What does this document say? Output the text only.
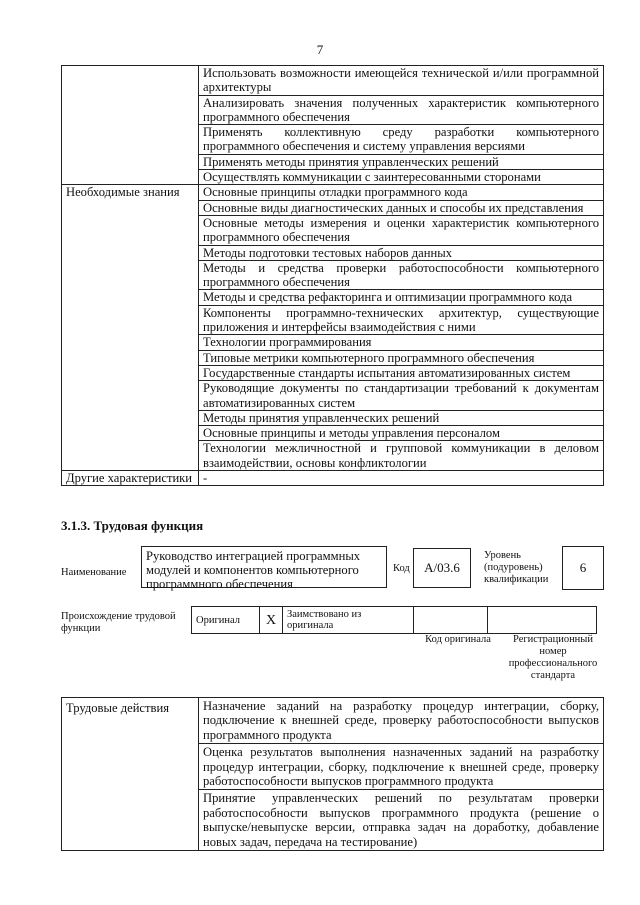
7
	Использовать возможности имеющейся технической и/или программной архитектуры
	Анализировать значения полученных характеристик компьютерного программного обеспечения
	Применять коллективную среду разработки компьютерного программного обеспечения и систему управления версиями
	Применять методы принятия управленческих решений
	Осуществлять коммуникации с заинтересованными сторонами
Необходимые знания	Основные принципы отладки программного кода
	Основные виды диагностических данных и способы их представления
	Основные методы измерения и оценки характеристик компьютерного программного обеспечения
	Методы подготовки тестовых наборов данных
	Методы и средства проверки работоспособности компьютерного программного обеспечения
	Методы и средства рефакторинга и оптимизации программного кода
	Компоненты программно-технических архитектур, существующие приложения и интерфейсы взаимодействия с ними
	Технологии программирования
	Типовые метрики компьютерного программного обеспечения
	Государственные стандарты испытания автоматизированных систем
	Руководящие документы по стандартизации требований к документам автоматизированных систем
	Методы принятия управленческих решений
	Основные принципы и методы управления персоналом
	Технологии межличностной и групповой коммуникации в деловом взаимодействии, основы конфликтологии
Другие характеристики	-
3.1.3. Трудовая функция
Наименование
Руководство интеграцией программных модулей и компонентов компьютерного программного обеспечения
Код	A/03.6
Уровень (подуровень) квалификации
6
Происхождение трудовой функции
Оригинал	X	Заимствовано из оригинала		
Код оригинала	Регистрационный номер профессионального стандарта
Трудовые действия	Назначение заданий на разработку процедур интеграции, сборку, подключение к внешней среде, проверку работоспособности выпусков программного продукта
Оценка результатов выполнения назначенных заданий на разработку процедур интеграции, сборку, подключение к внешней среде, проверку работоспособности выпусков программного продукта
Принятие управленческих решений по результатам проверки работоспособности выпусков программного продукта (решение о выпуске/невыпуске версии, отправка задач на доработку, добавление новых задач, передача на тестирование)
